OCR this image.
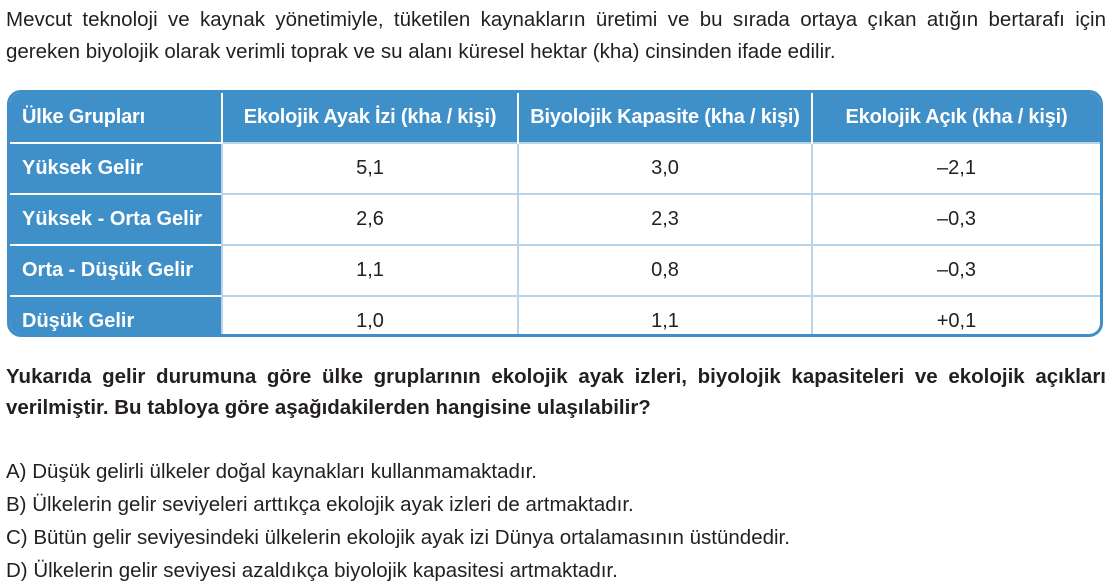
Mevcut teknoloji ve kaynak yönetimiyle, tüketilen kaynakların üretimi ve bu sırada ortaya çıkan atığın bertarafı için gereken biyolojik olarak verimli toprak ve su alanı küresel hektar (kha) cinsinden ifade edilir.
Ülke Grupları	Ekolojik Ayak İzi (kha / kişi)	Biyolojik Kapasite (kha / kişi)	Ekolojik Açık (kha / kişi)
Yüksek Gelir	5,1	3,0	–2,1
Yüksek - Orta Gelir	2,6	2,3	–0,3
Orta - Düşük Gelir	1,1	0,8	–0,3
Düşük Gelir	1,0	1,1	+0,1
Yukarıda gelir durumuna göre ülke gruplarının ekolojik ayak izleri, biyolojik kapasiteleri ve ekolojik açıkları verilmiştir. Bu tabloya göre aşağıdakilerden hangisine ulaşılabilir?
A) Düşük gelirli ülkeler doğal kaynakları kullanmamaktadır.
B) Ülkelerin gelir seviyeleri arttıkça ekolojik ayak izleri de artmaktadır.
C) Bütün gelir seviyesindeki ülkelerin ekolojik ayak izi Dünya ortalamasının üstündedir.
D) Ülkelerin gelir seviyesi azaldıkça biyolojik kapasitesi artmaktadır.
